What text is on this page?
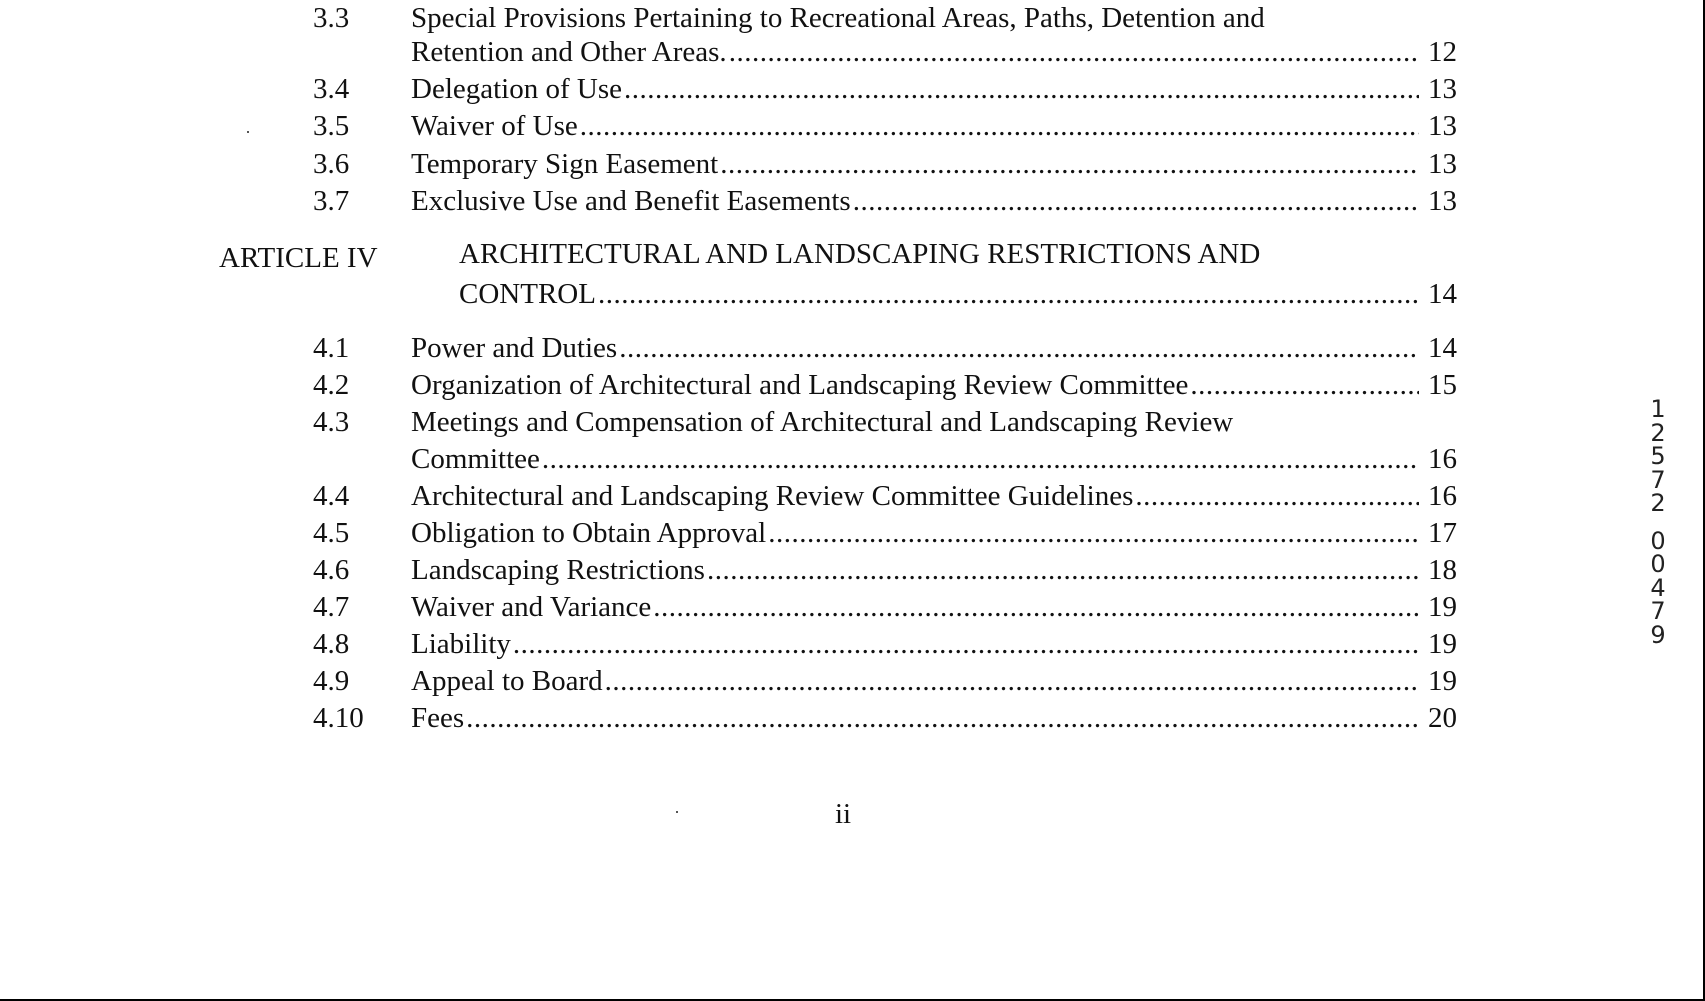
3.3 Special Provisions Pertaining to Recreational Areas, Paths, Detention and
Retention and Other Areas. .....	12
3.4 Delegation of Use .....	13
3.5 Waiver of Use .....	13
3.6 Temporary Sign Easement .....	13
3.7 Exclusive Use and Benefit Easements .....	13
ARTICLE IV	ARCHITECTURAL AND LANDSCAPING RESTRICTIONS AND
CONTROL .....	14
4.1 Power and Duties .....	14
4.2 Organization of Architectural and Landscaping Review Committee .....	15
4.3 Meetings and Compensation of Architectural and Landscaping Review
Committee .....	16
4.4 Architectural and Landscaping Review Committee Guidelines .....	16
4.5 Obligation to Obtain Approval .....	17
4.6 Landscaping Restrictions .....	18
4.7 Waiver and Variance .....	19
4.8 Liability .....	19
4.9 Appeal to Board .....	19
4.10 Fees .....	20
ii
1
2
5
7
2
0
0
4
7
9
